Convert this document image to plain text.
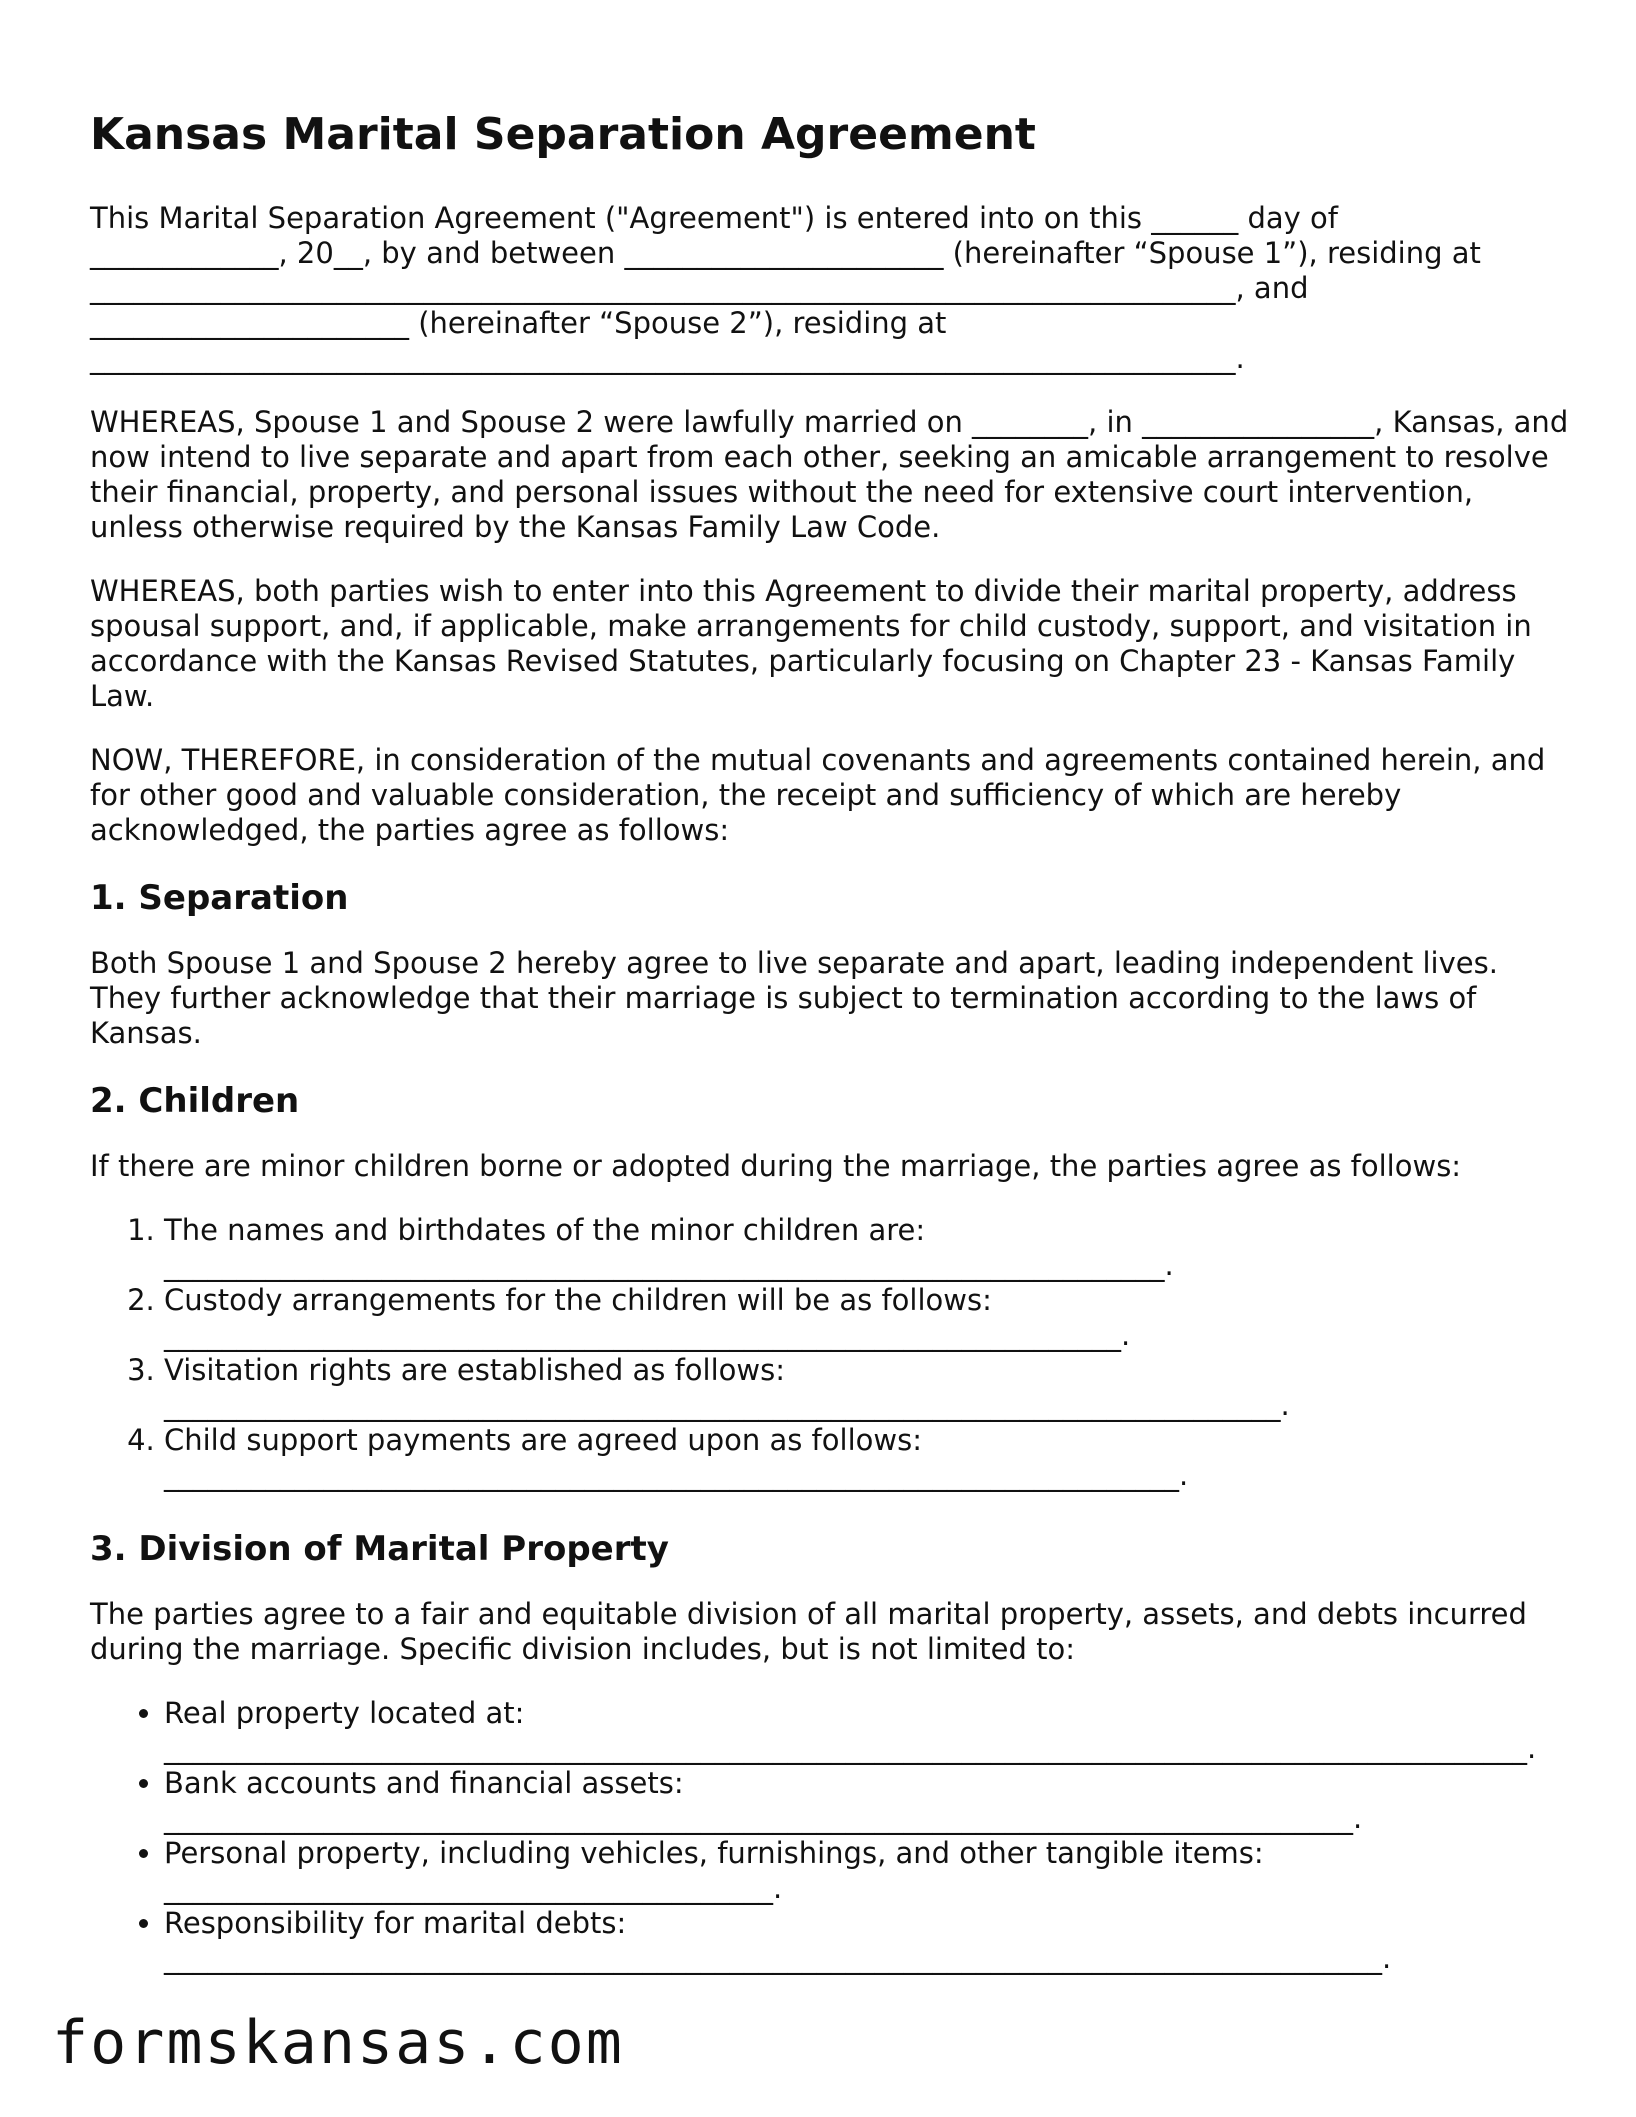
Kansas Marital Separation Agreement

This Marital Separation Agreement ("Agreement") is entered into on this ______ day of
_____________, 20__, by and between ______________________ (hereinafter “Spouse 1”), residing at
_______________________________________________________________________________, and
______________________ (hereinafter “Spouse 2”), residing at
_______________________________________________________________________________.

WHEREAS, Spouse 1 and Spouse 2 were lawfully married on ________, in ________________, Kansas, and now intend to live separate and apart from each other, seeking an amicable arrangement to resolve their financial, property, and personal issues without the need for extensive court intervention, unless otherwise required by the Kansas Family Law Code.

WHEREAS, both parties wish to enter into this Agreement to divide their marital property, address spousal support, and, if applicable, make arrangements for child custody, support, and visitation in accordance with the Kansas Revised Statutes, particularly focusing on Chapter 23 - Kansas Family Law.

NOW, THEREFORE, in consideration of the mutual covenants and agreements contained herein, and for other good and valuable consideration, the receipt and sufficiency of which are hereby acknowledged, the parties agree as follows:

1. Separation

Both Spouse 1 and Spouse 2 hereby agree to live separate and apart, leading independent lives. They further acknowledge that their marriage is subject to termination according to the laws of Kansas.

2. Children

If there are minor children borne or adopted during the marriage, the parties agree as follows:

1. The names and birthdates of the minor children are:
_____________________________________________________________________.
2. Custody arrangements for the children will be as follows:
__________________________________________________________________.
3. Visitation rights are established as follows:
_____________________________________________________________________________.
4. Child support payments are agreed upon as follows:
______________________________________________________________________.
3. Division of Marital Property

The parties agree to a fair and equitable division of all marital property, assets, and debts incurred during the marriage. Specific division includes, but is not limited to:

• Real property located at:
______________________________________________________________________________________________.
• Bank accounts and financial assets:
__________________________________________________________________________________.
• Personal property, including vehicles, furnishings, and other tangible items:
__________________________________________.
• Responsibility for marital debts:
____________________________________________________________________________________.
formskansas.com
